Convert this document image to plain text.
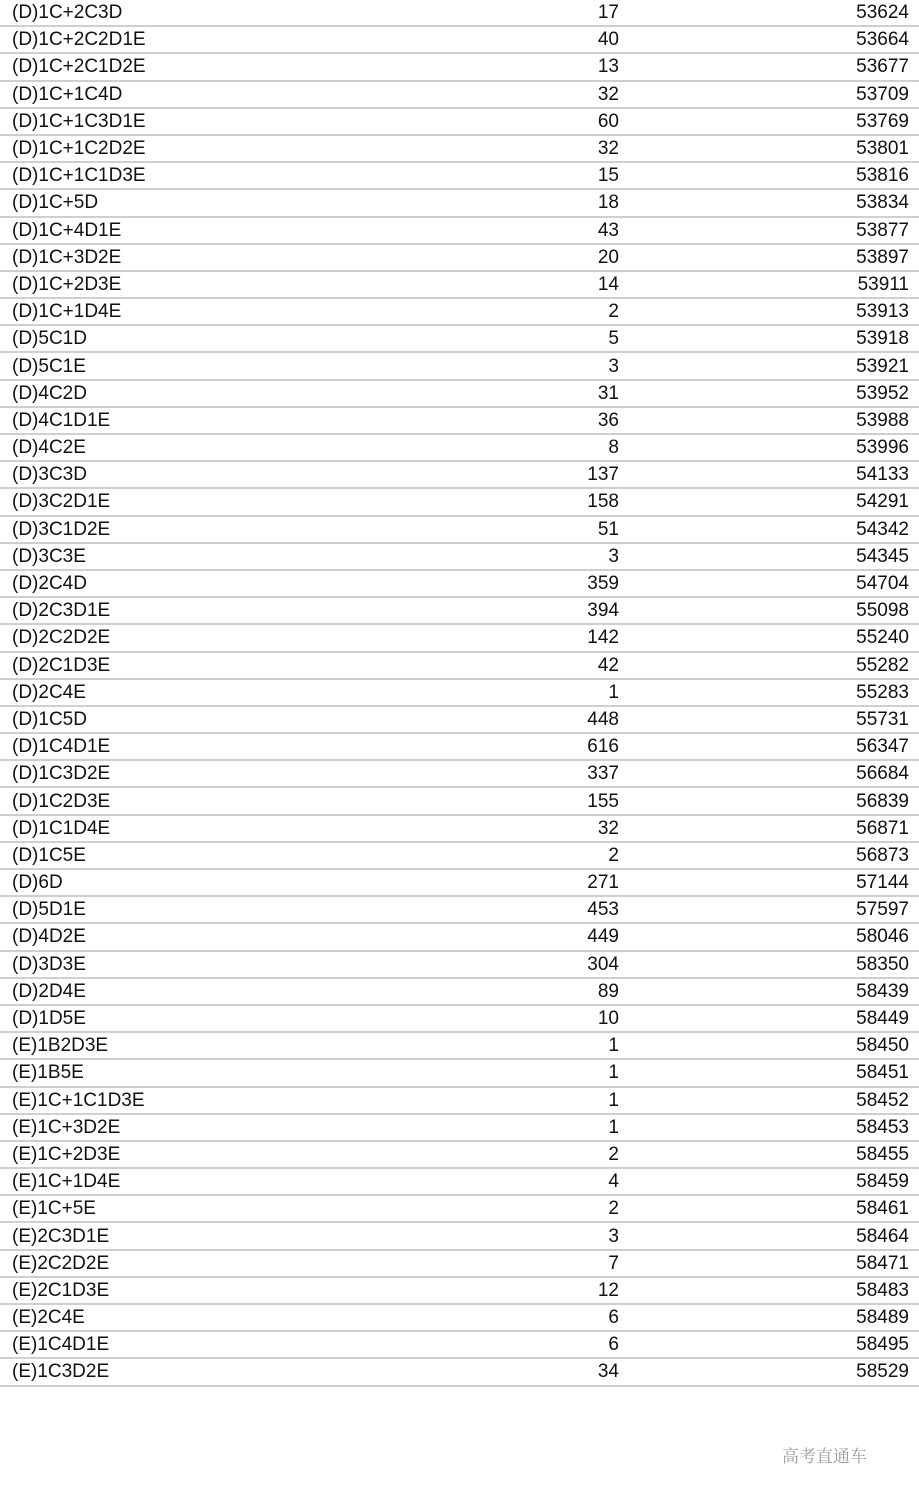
(D)1C+2C3D	17	53624
(D)1C+2C2D1E	40	53664
(D)1C+2C1D2E	13	53677
(D)1C+1C4D	32	53709
(D)1C+1C3D1E	60	53769
(D)1C+1C2D2E	32	53801
(D)1C+1C1D3E	15	53816
(D)1C+5D	18	53834
(D)1C+4D1E	43	53877
(D)1C+3D2E	20	53897
(D)1C+2D3E	14	53911
(D)1C+1D4E	2	53913
(D)5C1D	5	53918
(D)5C1E	3	53921
(D)4C2D	31	53952
(D)4C1D1E	36	53988
(D)4C2E	8	53996
(D)3C3D	137	54133
(D)3C2D1E	158	54291
(D)3C1D2E	51	54342
(D)3C3E	3	54345
(D)2C4D	359	54704
(D)2C3D1E	394	55098
(D)2C2D2E	142	55240
(D)2C1D3E	42	55282
(D)2C4E	1	55283
(D)1C5D	448	55731
(D)1C4D1E	616	56347
(D)1C3D2E	337	56684
(D)1C2D3E	155	56839
(D)1C1D4E	32	56871
(D)1C5E	2	56873
(D)6D	271	57144
(D)5D1E	453	57597
(D)4D2E	449	58046
(D)3D3E	304	58350
(D)2D4E	89	58439
(D)1D5E	10	58449
(E)1B2D3E	1	58450
(E)1B5E	1	58451
(E)1C+1C1D3E	1	58452
(E)1C+3D2E	1	58453
(E)1C+2D3E	2	58455
(E)1C+1D4E	4	58459
(E)1C+5E	2	58461
(E)2C3D1E	3	58464
(E)2C2D2E	7	58471
(E)2C1D3E	12	58483
(E)2C4E	6	58489
(E)1C4D1E	6	58495
(E)1C3D2E	34	58529
高考直通车
